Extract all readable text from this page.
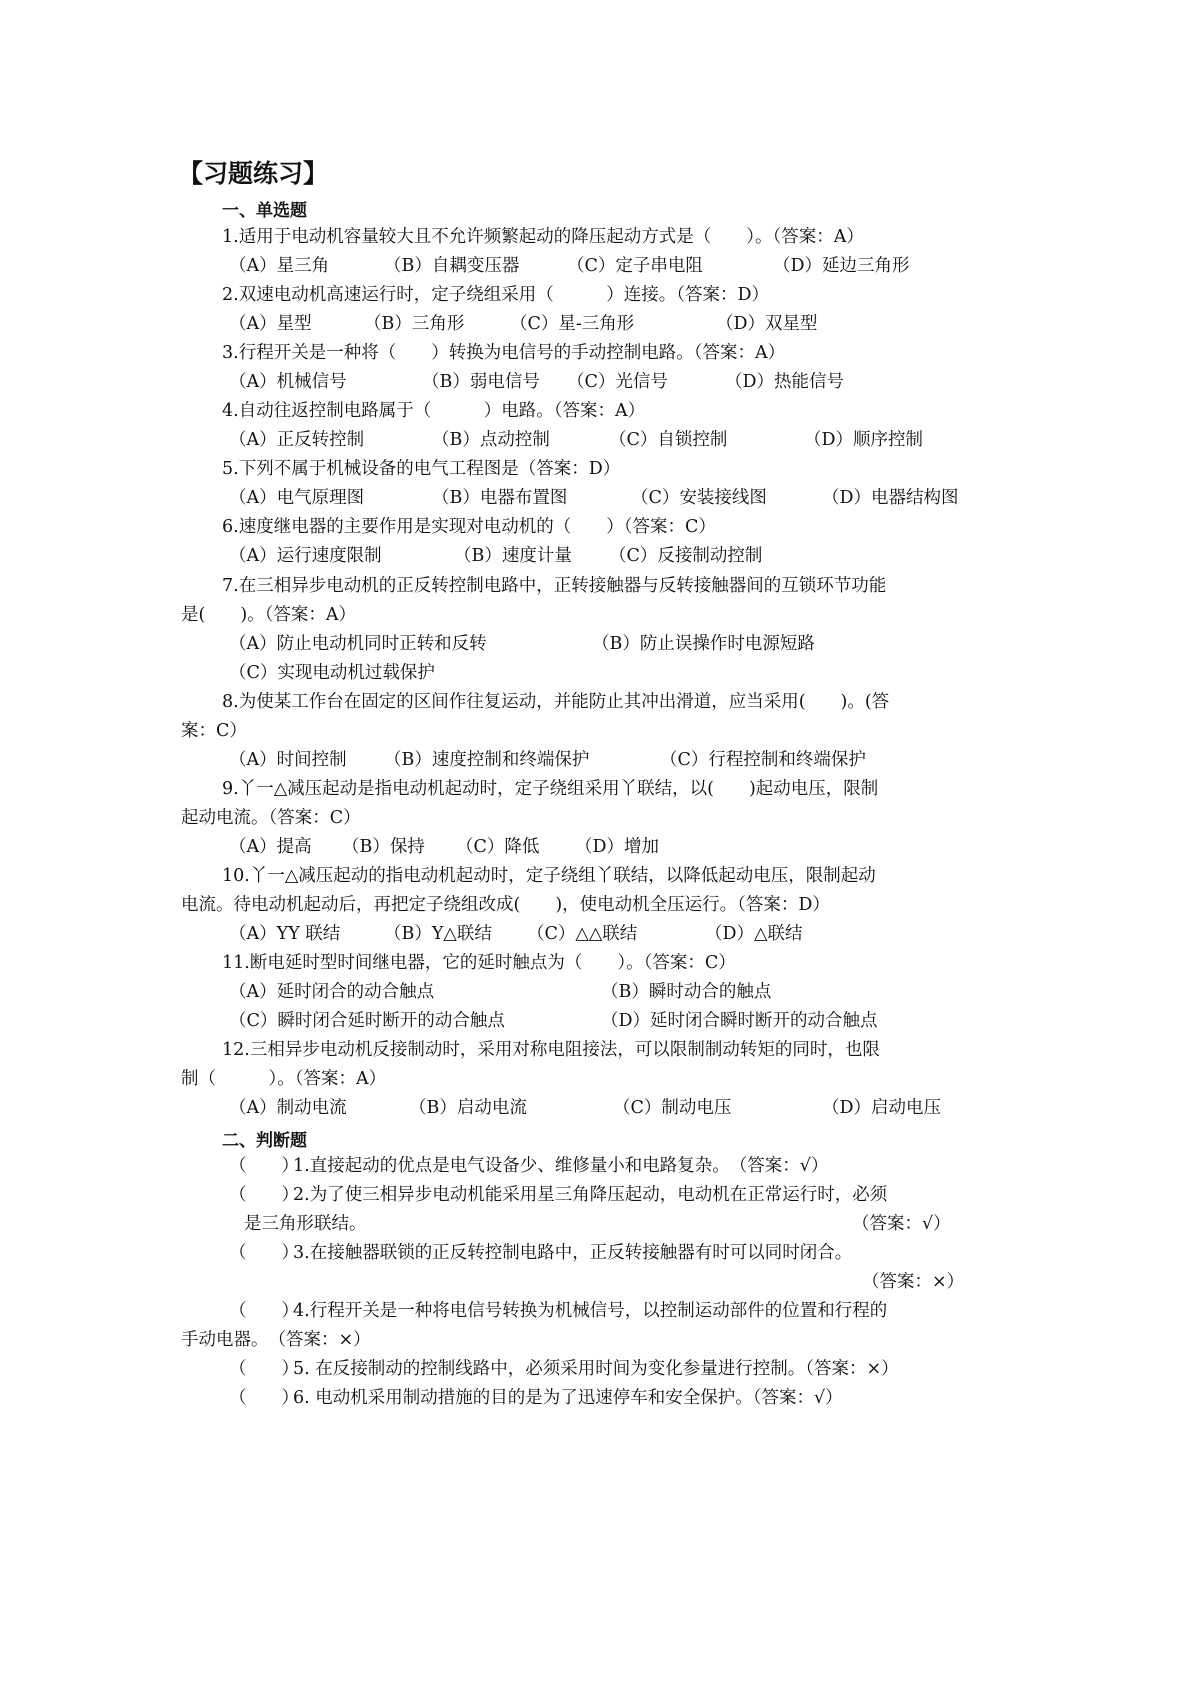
【习题练习】
一、单选题
1.适用于电动机容量较大且不允许频繁起动的降压起动方式是（　　）。（答案：A）
（A）星三角	（B）自耦变压器	（C）定子串电阻	（D）延边三角形
2.双速电动机高速运行时，定子绕组采用（　　　）连接。（答案：D）
（A）星型	（B）三角形	（C）星-三角形	（D）双星型
3.行程开关是一种将（　　）转换为电信号的手动控制电路。（答案：A）
（A）机械信号	（B）弱电信号 （C）光信号	（D）热能信号
4.自动往返控制电路属于（　　　）电路。（答案：A）
（A）正反转控制	（B）点动控制	（C）自锁控制	（D）顺序控制
5.下列不属于机械设备的电气工程图是（答案：D）
（A）电气原理图	（B）电器布置图	（C）安装接线图	（D）电器结构图
6.速度继电器的主要作用是实现对电动机的（　　）（答案：C）
（A）运行速度限制	（B）速度计量 （C）反接制动控制
7.在三相异步电动机的正反转控制电路中，正转接触器与反转接触器间的互锁环节功能
是(　　)。（答案：A）
（A）防止电动机同时正转和反转	（B）防止误操作时电源短路
（C）实现电动机过载保护
8.为使某工作台在固定的区间作往复运动，并能防止其冲出滑道，应当采用(　　)。(答
案：C）
（A）时间控制 （B）速度控制和终端保护	（C）行程控制和终端保护
9.丫一△减压起动是指电动机起动时，定子绕组采用丫联结，以(　　)起动电压，限制
起动电流。（答案：C）
（A）提高 （B）保持 （C）降低 （D）增加
10.丫一△减压起动的指电动机起动时，定子绕组丫联结，以降低起动电压，限制起动
电流。待电动机起动后，再把定子绕组改成(　　)，使电动机全压运行。（答案：D）
（A）YY 联结 （B）Y△联结 （C）△△联结	（D）△联结
11.断电延时型时间继电器，它的延时触点为（　　）。（答案：C）
（A）延时闭合的动合触点	（B）瞬时动合的触点
（C）瞬时闭合延时断开的动合触点	（D）延时闭合瞬时断开的动合触点
12.三相异步电动机反接制动时，采用对称电阻接法，可以限制制动转矩的同时，也限
制（　　　）。（答案：A）
（A）制动电流	（B）启动电流	（C）制动电压	（D）启动电压
二、判断题
（　　）1.直接起动的优点是电气设备少、维修量小和电路复杂。　（答案：√）
（　　）2.为了使三相异步电动机能采用星三角降压起动，电动机在正常运行时，必须
是三角形联结。	（答案：√）
（　　）3.在接触器联锁的正反转控制电路中，正反转接触器有时可以同时闭合。
（答案：×）
（　　）4.行程开关是一种将电信号转换为机械信号，以控制运动部件的位置和行程的
手动电器。　（答案：×）
（　　）5. 在反接制动的控制线路中，必须采用时间为变化参量进行控制。（答案：×）
（　　）6. 电动机采用制动措施的目的是为了迅速停车和安全保护。（答案：√）
